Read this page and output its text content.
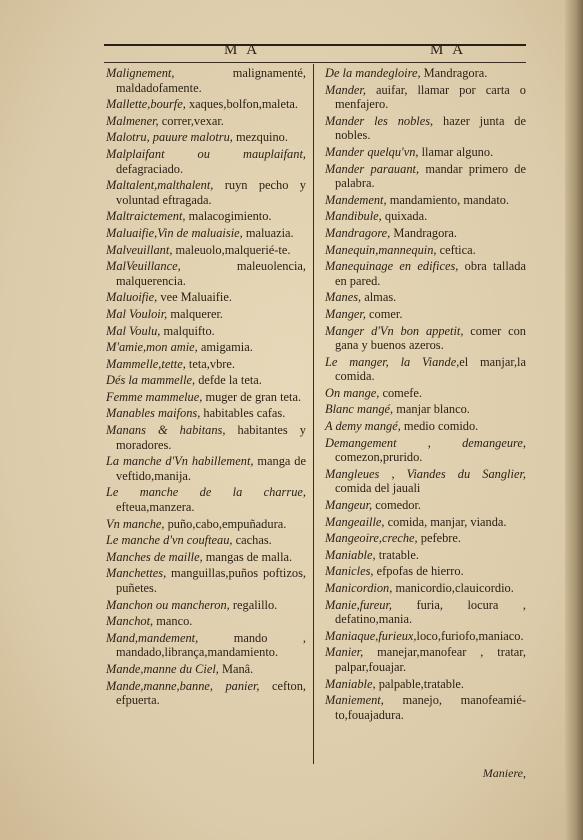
M A	M A

Malignement, malignamenté, maldadofamente.

Mallette,bourfe, xaques,bolfon,maleta.

Malmener, correr,vexar.

Malotru, pauure malotru, mezquino.

Malplaifant ou mauplaifant, defagraciado.

Maltalent,malthalent, ruyn pecho y voluntad eftragada.

Maltraictement, malacogimiento.

Maluaifie,Vin de maluaisie, maluazia.

Malveuillant, maleuolo,malquerié-te.

MalVeuillance, maleuolencia, malquerencia.

Maluoifie, vee Maluaifie.

Mal Vouloir, malquerer.

Mal Voulu, malquifto.

M'amie,mon amie, amigamia.

Mammelle,tette, teta,vbre.

Dés la mammelle, defde la teta.

Femme mammelue, muger de gran teta.

Manables maifons, habitables cafas.

Manans & habitans, habitantes y moradores.

La manche d'Vn habillement, manga de veftido,manija.

Le manche de la charrue, efteua,manzera.

Vn manche, puño,cabo,empuñadura.

Le manche d'vn coufteau, cachas.

Manches de maille, mangas de malla.

Manchettes, manguillas,puños poftizos, puñetes.

Manchon ou mancheron, regalillo.

Manchot, manco.

Mand,mandement, mando , mandado,librança,mandamiento.

Mande,manne du Ciel, Manâ.

Mande,manne,banne, panier, cefton, efpuerta.

De la mandegloire, Mandragora.

Mander, auifar, llamar por carta o menfajero.

Mander les nobles, hazer junta de nobles.

Mander quelqu'vn, llamar alguno.

Mander parauant, mandar primero de palabra.

Mandement, mandamiento, mandato.

Mandibule, quixada.

Mandragore, Mandragora.

Manequin,mannequin, ceftica.

Manequinage en edifices, obra tallada en pared.

Manes, almas.

Manger, comer.

Manger d'Vn bon appetit, comer con gana y buenos azeros.

Le manger, la Viande,el manjar,la comida.

On mange, comefe.

Blanc mangé, manjar blanco.

A demy mangé, medio comido.

Demangement , demangeure, comezon,prurido.

Mangleues , Viandes du Sanglier, comida del jauali

Mangeur, comedor.

Mangeaille, comida, manjar, vianda.

Mangeoire,creche, pefebre.

Maniable, tratable.

Manicles, efpofas de hierro.

Manicordion, manicordio,clauicordio.

Manie,fureur, furia, locura , defatino,mania.

Maniaque,furieux,loco,furiofo,maniaco.

Manier, manejar,manofear , tratar, palpar,fouajar.

Maniable, palpable,tratable.

Maniement, manejo, manofeamié-to,fouajadura.

Maniere,
